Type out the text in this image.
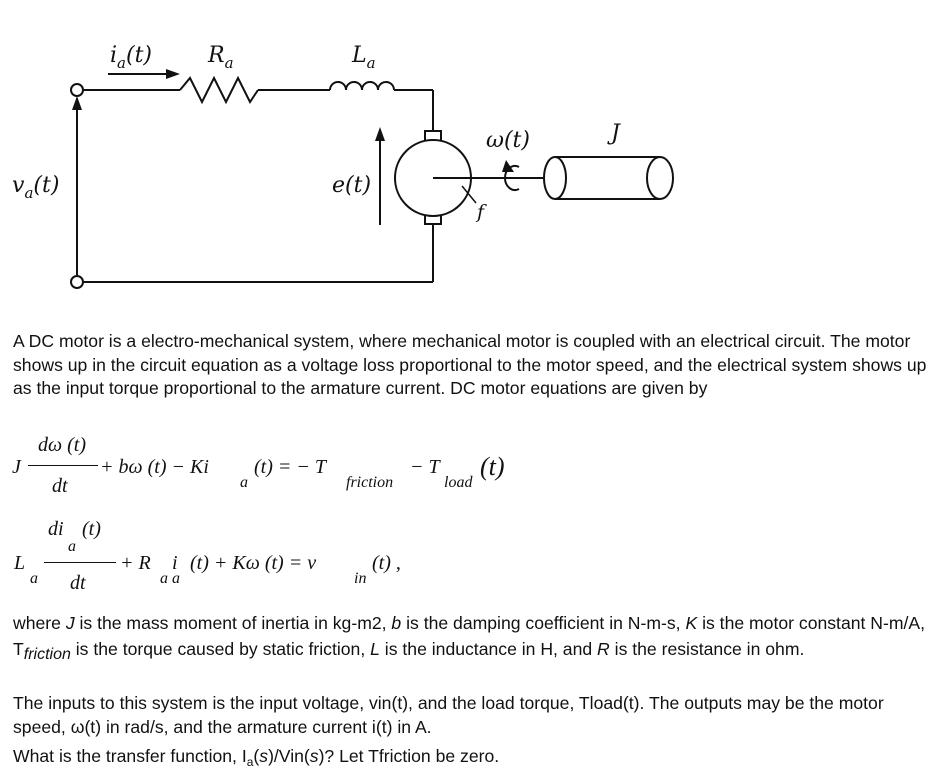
$i_a(t)$	$R_a$	$L_a$
$v_a(t)$	e(t)
ω(t)	J
f

A DC motor is a electro-mechanical system, where mechanical motor is coupled with an electrical circuit. The motor shows up in the circuit equation as a voltage loss proportional to the motor speed, and the electrical system shows up as the input torque proportional to the armature current. DC motor equations are given by

J
dω (t)
dt
+ bω (t) − Ki
a
(t) = − T
friction
− T
load
(t)
L
a
di
a
(t)
dt
+ R i
a a
(t) + Kω (t) = v
in
(t) ,

where J is the mass moment of inertia in kg-m2, b is the damping coefficient in N-m-s, K is the motor constant N-m/A, Tfriction is the torque caused by static friction, L is the inductance in H, and R is the resistance in ohm.

The inputs to this system is the input voltage, vin(t), and the load torque, Tload(t). The outputs may be the motor speed, ω(t) in rad/s, and the armature current i(t) in A.

What is the transfer function, $I_a(s)/Vin(s)$? Let Tfriction be zero.
